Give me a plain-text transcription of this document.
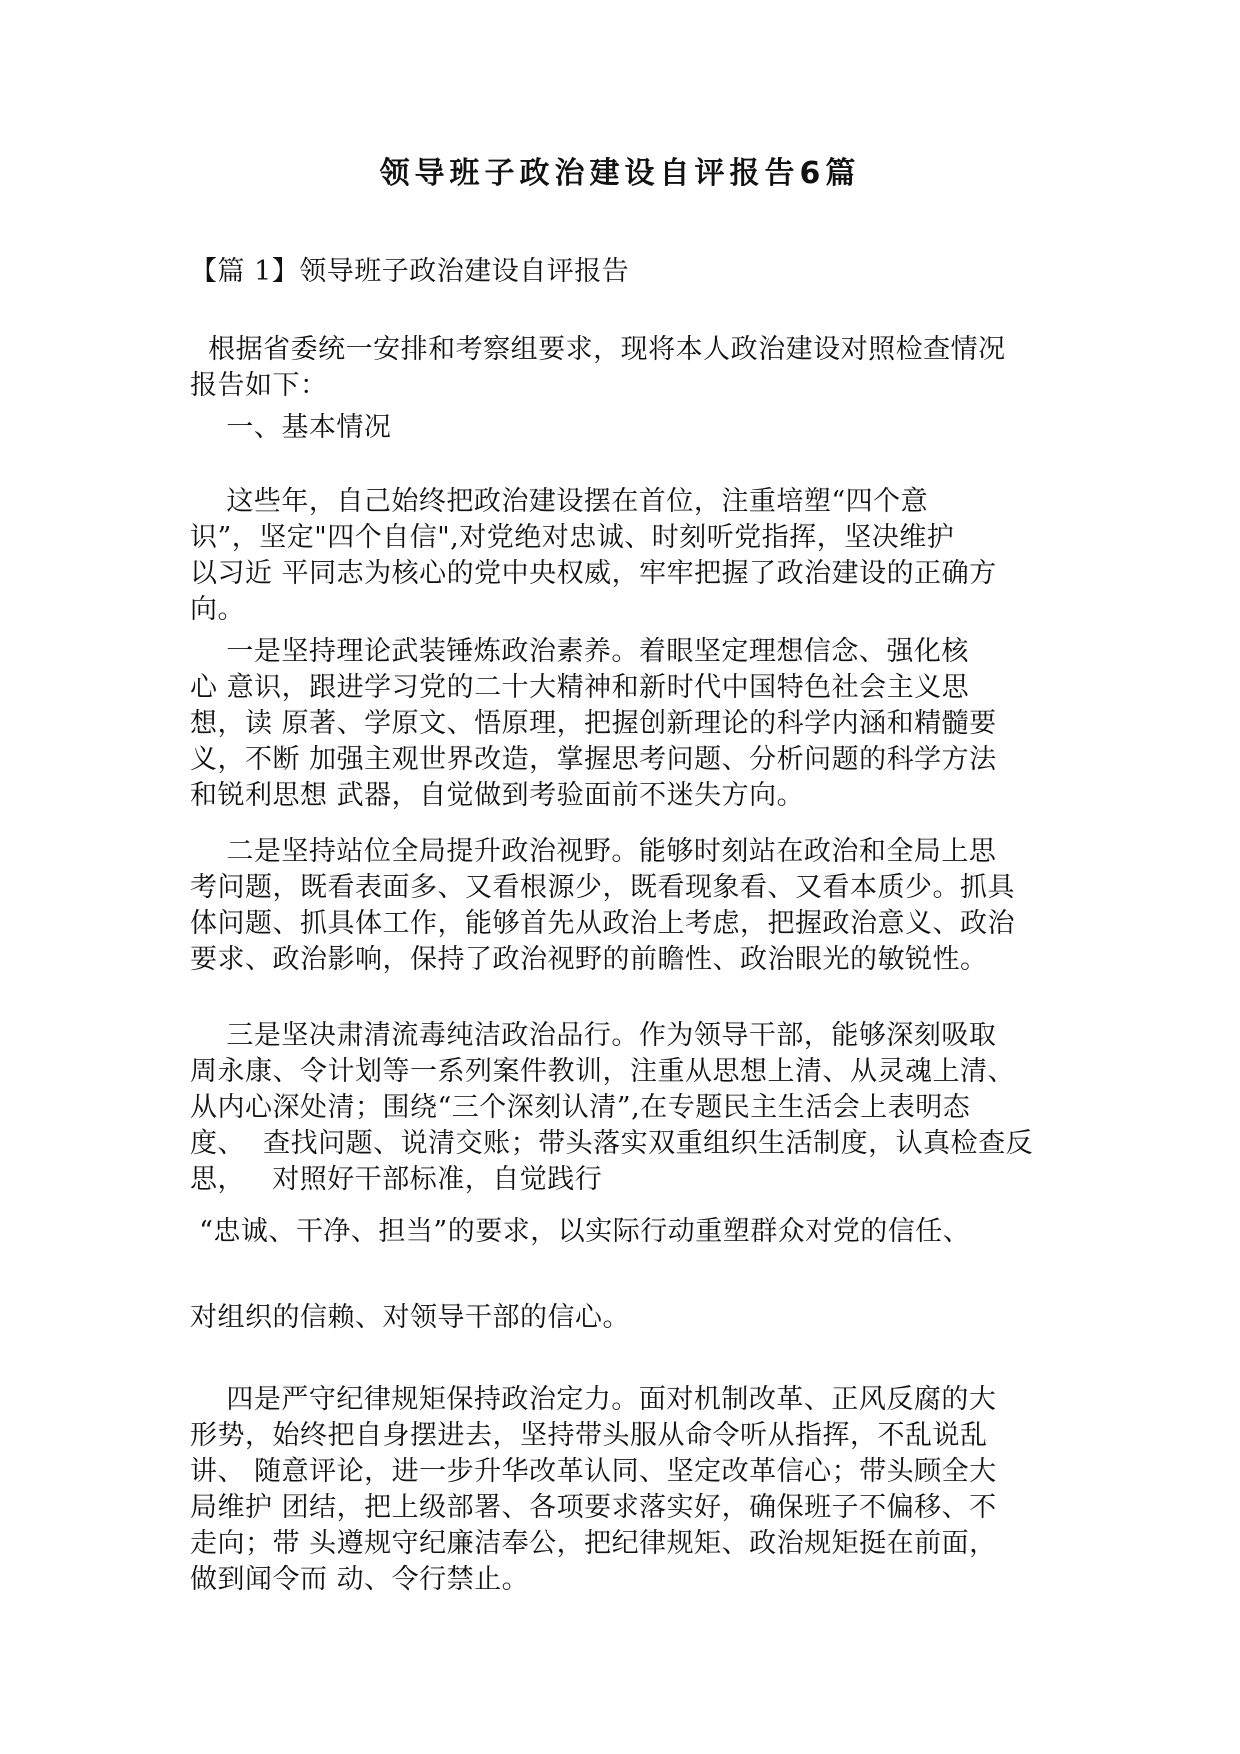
领导班子政治建设自评报告6篇
【篇 1】领导班子政治建设自评报告
根据省委统一安排和考察组要求，现将本人政治建设对照检查情况
报告如下：
一、基本情况
这些年，自己始终把政治建设摆在首位，注重培塑“四个意
识”，坚定"四个自信",对党绝对忠诚、时刻听党指挥，坚决维护
以习近 平同志为核心的党中央权威，牢牢把握了政治建设的正确方
向。
一是坚持理论武装锤炼政治素养。着眼坚定理想信念、强化核
心 意识，跟进学习党的二十大精神和新时代中国特色社会主义思
想，读 原著、学原文、悟原理，把握创新理论的科学内涵和精髓要
义，不断 加强主观世界改造，掌握思考问题、分析问题的科学方法
和锐利思想 武器，自觉做到考验面前不迷失方向。
二是坚持站位全局提升政治视野。能够时刻站在政治和全局上思
考问题，既看表面多、又看根源少，既看现象看、又看本质少。抓具
体问题、抓具体工作，能够首先从政治上考虑，把握政治意义、政治
要求、政治影响，保持了政治视野的前瞻性、政治眼光的敏锐性。
三是坚决肃清流毒纯洁政治品行。作为领导干部，能够深刻吸取
周永康、令计划等一系列案件教训，注重从思想上清、从灵魂上清、
从内心深处清；围绕“三个深刻认清”,在专题民主生活会上表明态
度、  查找问题、说清交账；带头落实双重组织生活制度，认真检查反
思，   对照好干部标准，自觉践行
“忠诚、干净、担当”的要求，以实际行动重塑群众对党的信任、
对组织的信赖、对领导干部的信心。
四是严守纪律规矩保持政治定力。面对机制改革、正风反腐的大
形势，始终把自身摆进去，坚持带头服从命令听从指挥，不乱说乱
讲、 随意评论，进一步升华改革认同、坚定改革信心；带头顾全大
局维护 团结，把上级部署、各项要求落实好，确保班子不偏移、不
走向；带 头遵规守纪廉洁奉公，把纪律规矩、政治规矩挺在前面，
做到闻令而 动、令行禁止。
